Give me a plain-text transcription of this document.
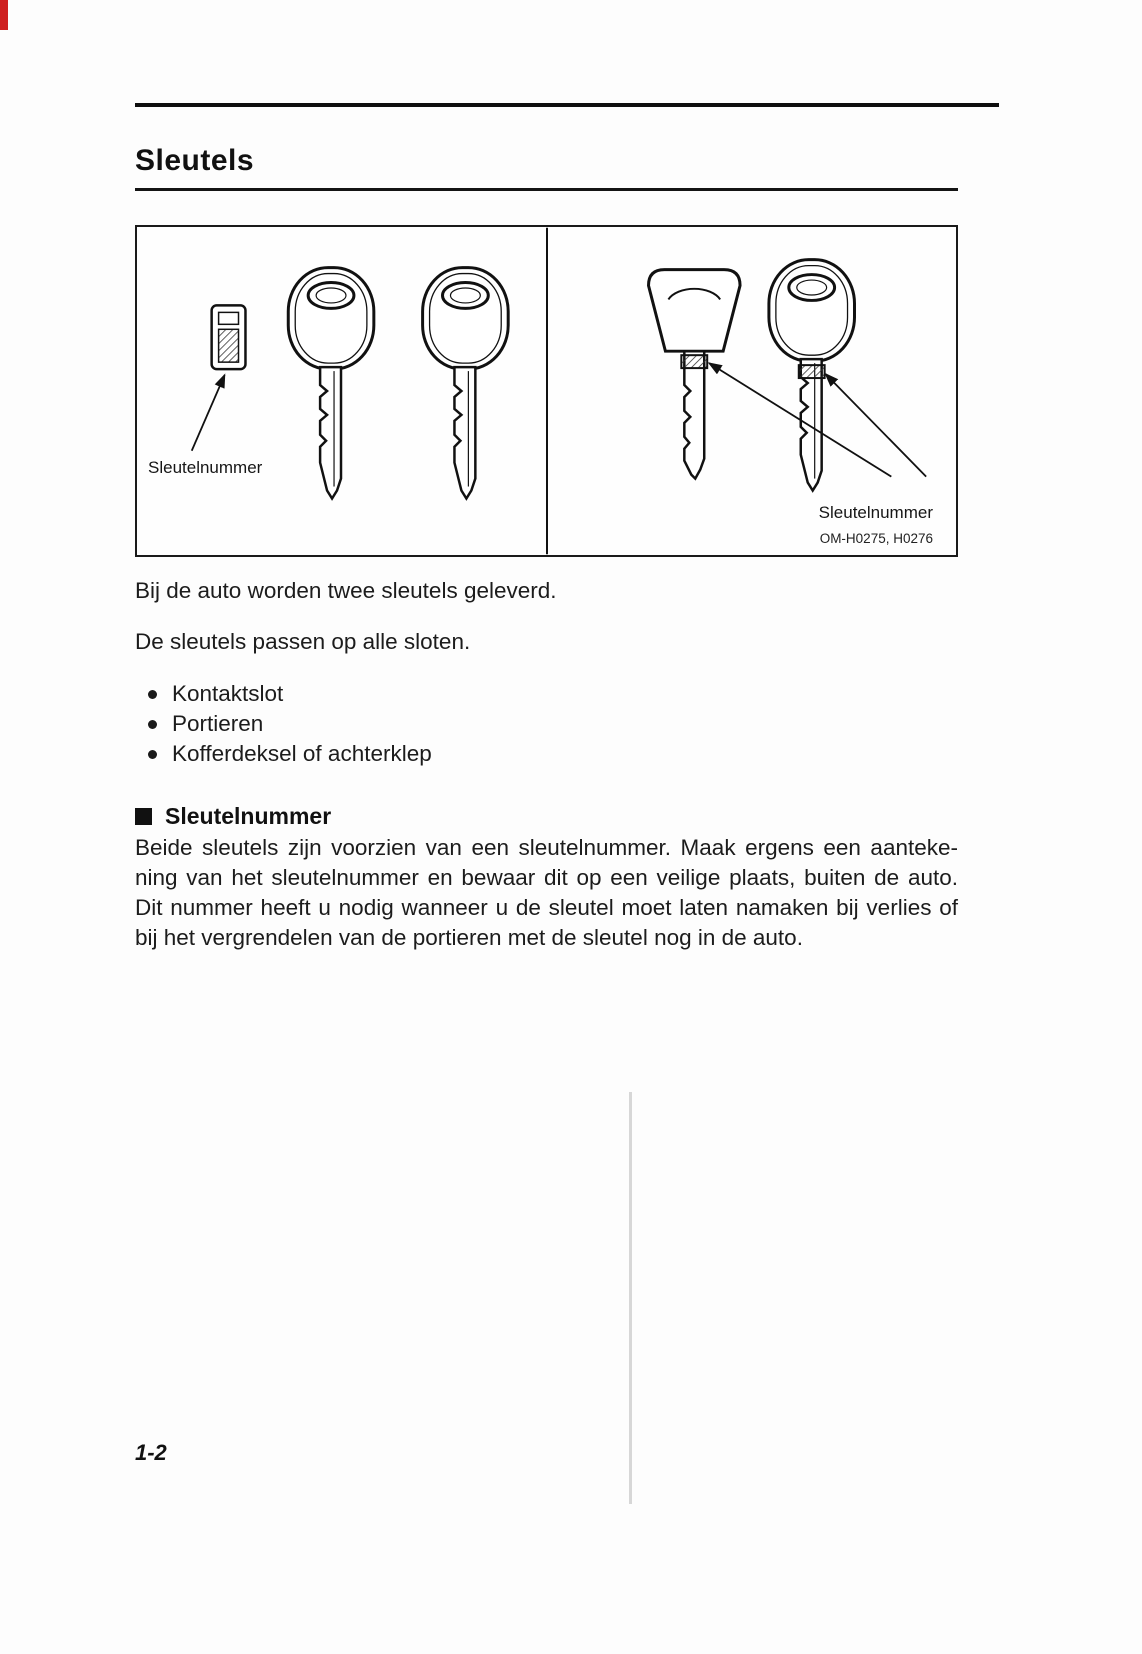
Sleutels
Sleutelnummer
Sleutelnummer
OM-H0275, H0276

Bij de auto worden twee sleutels geleverd.

De sleutels passen op alle sloten.

Kontaktslot
Portieren
Kofferdeksel of achterklep
Sleutelnummer
Beide sleutels zijn voorzien van een sleutelnummer. Maak ergens een aanteke-
ning van het sleutelnummer en bewaar dit op een veilige plaats, buiten de auto.
Dit nummer heeft u nodig wanneer u de sleutel moet laten namaken bij verlies of
bij het vergrendelen van de portieren met de sleutel nog in de auto.
1-2
